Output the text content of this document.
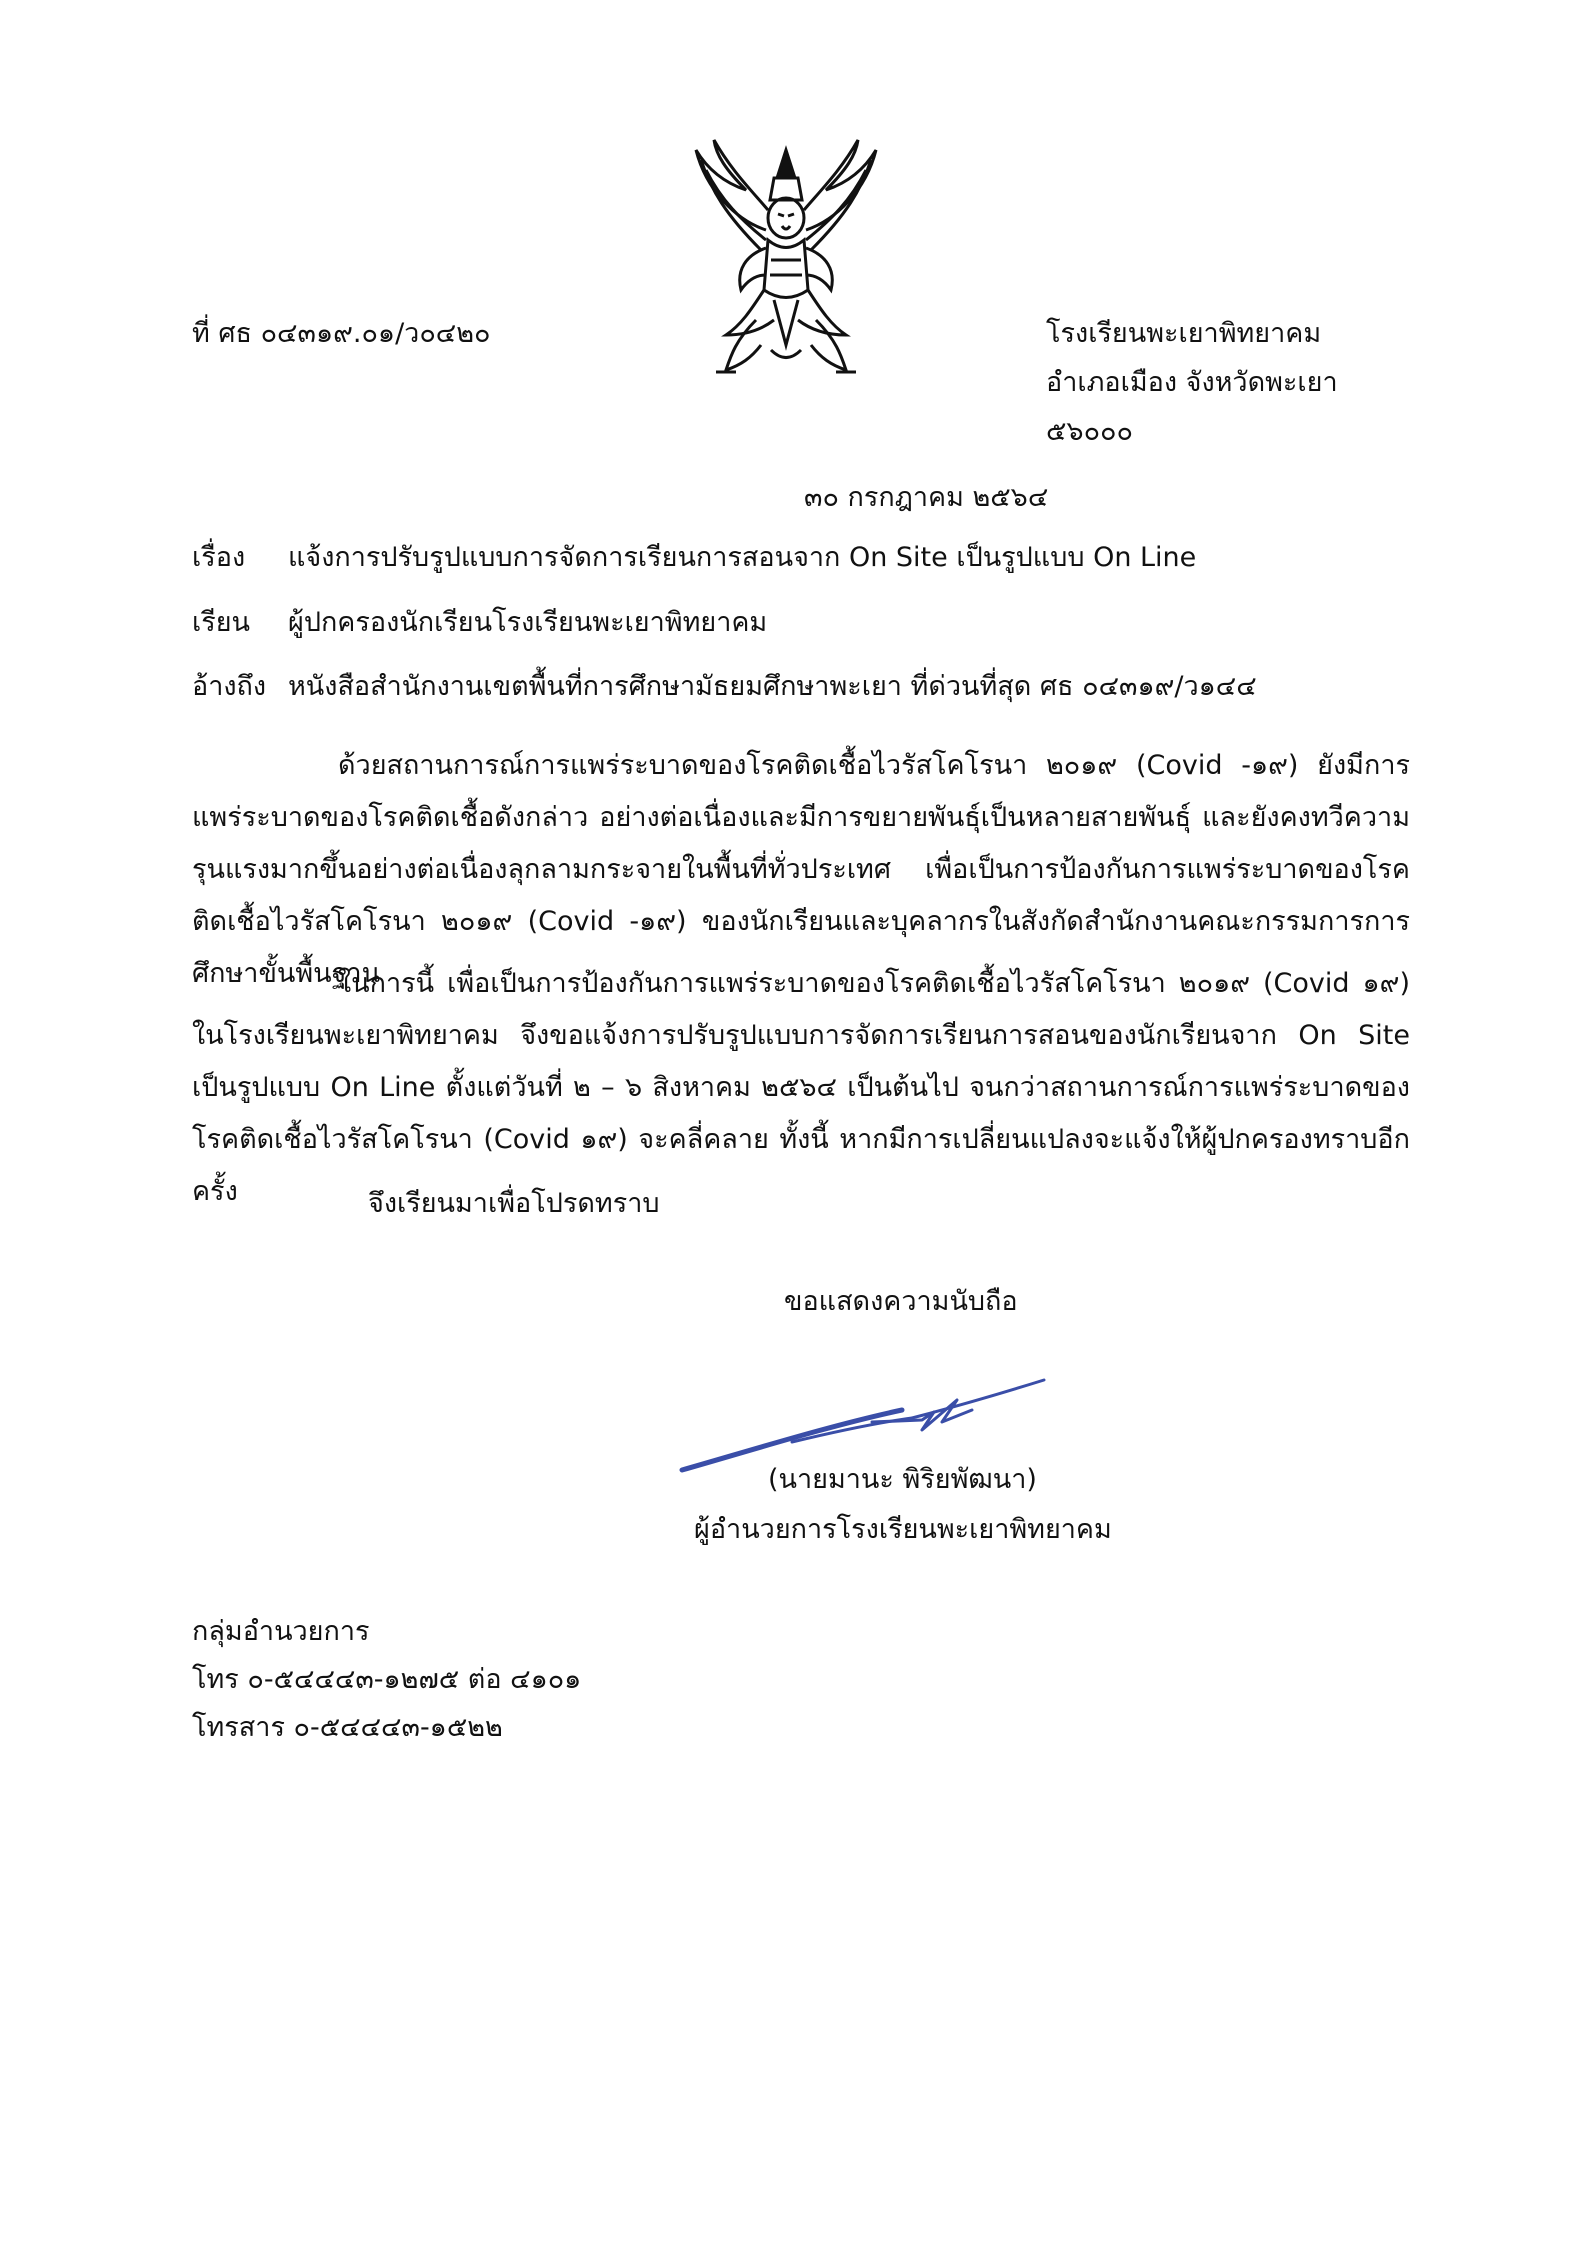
ที่ ศธ ๐๔๓๑๙.๐๑/ว๐๔๒๐	โรงเรียนพะเยาพิทยาคม
อำเภอเมือง จังหวัดพะเยา
๕๖๐๐๐
๓๐ กรกฎาคม ๒๕๖๔
เรื่อง แจ้งการปรับรูปแบบการจัดการเรียนการสอนจาก On Site เป็นรูปแบบ On Line
เรียน ผู้ปกครองนักเรียนโรงเรียนพะเยาพิทยาคม
อ้างถึง หนังสือสำนักงานเขตพื้นที่การศึกษามัธยมศึกษาพะเยา ที่ด่วนที่สุด ศธ ๐๔๓๑๙/ว๑๔๔

ด้วยสถานการณ์การแพร่ระบาดของโรคติดเชื้อไวรัสโคโรนา ๒๐๑๙ (Covid -๑๙) ยังมีการแพร่ระบาดของโรคติดเชื้อดังกล่าว อย่างต่อเนื่องและมีการขยายพันธุ์เป็นหลายสายพันธุ์ และยังคงทวีความรุนแรงมากขึ้นอย่างต่อเนื่องลุกลามกระจายในพื้นที่ทั่วประเทศ เพื่อเป็นการป้องกันการแพร่ระบาดของโรคติดเชื้อไวรัสโคโรนา ๒๐๑๙ (Covid -๑๙) ของนักเรียนและบุคลากรในสังกัดสำนักงานคณะกรรมการการศึกษาขั้นพื้นฐาน

ในการนี้ เพื่อเป็นการป้องกันการแพร่ระบาดของโรคติดเชื้อไวรัสโคโรนา ๒๐๑๙ (Covid ๑๙) ในโรงเรียนพะเยาพิทยาคม จึงขอแจ้งการปรับรูปแบบการจัดการเรียนการสอนของนักเรียนจาก On Site เป็นรูปแบบ On Line ตั้งแต่วันที่ ๒ – ๖ สิงหาคม ๒๕๖๔ เป็นต้นไป จนกว่าสถานการณ์การแพร่ระบาดของโรคติดเชื้อไวรัสโคโรนา (Covid ๑๙) จะคลี่คลาย ทั้งนี้ หากมีการเปลี่ยนแปลงจะแจ้งให้ผู้ปกครองทราบอีกครั้ง	จึงเรียนมาเพื่อโปรดทราบ
ขอแสดงความนับถือ
(นายมานะ พิริยพัฒนา)
ผู้อำนวยการโรงเรียนพะเยาพิทยาคม
กลุ่มอำนวยการ
โทร ๐-๕๔๔๔๓-๑๒๗๕ ต่อ ๔๑๐๑
โทรสาร ๐-๕๔๔๔๓-๑๕๒๒
